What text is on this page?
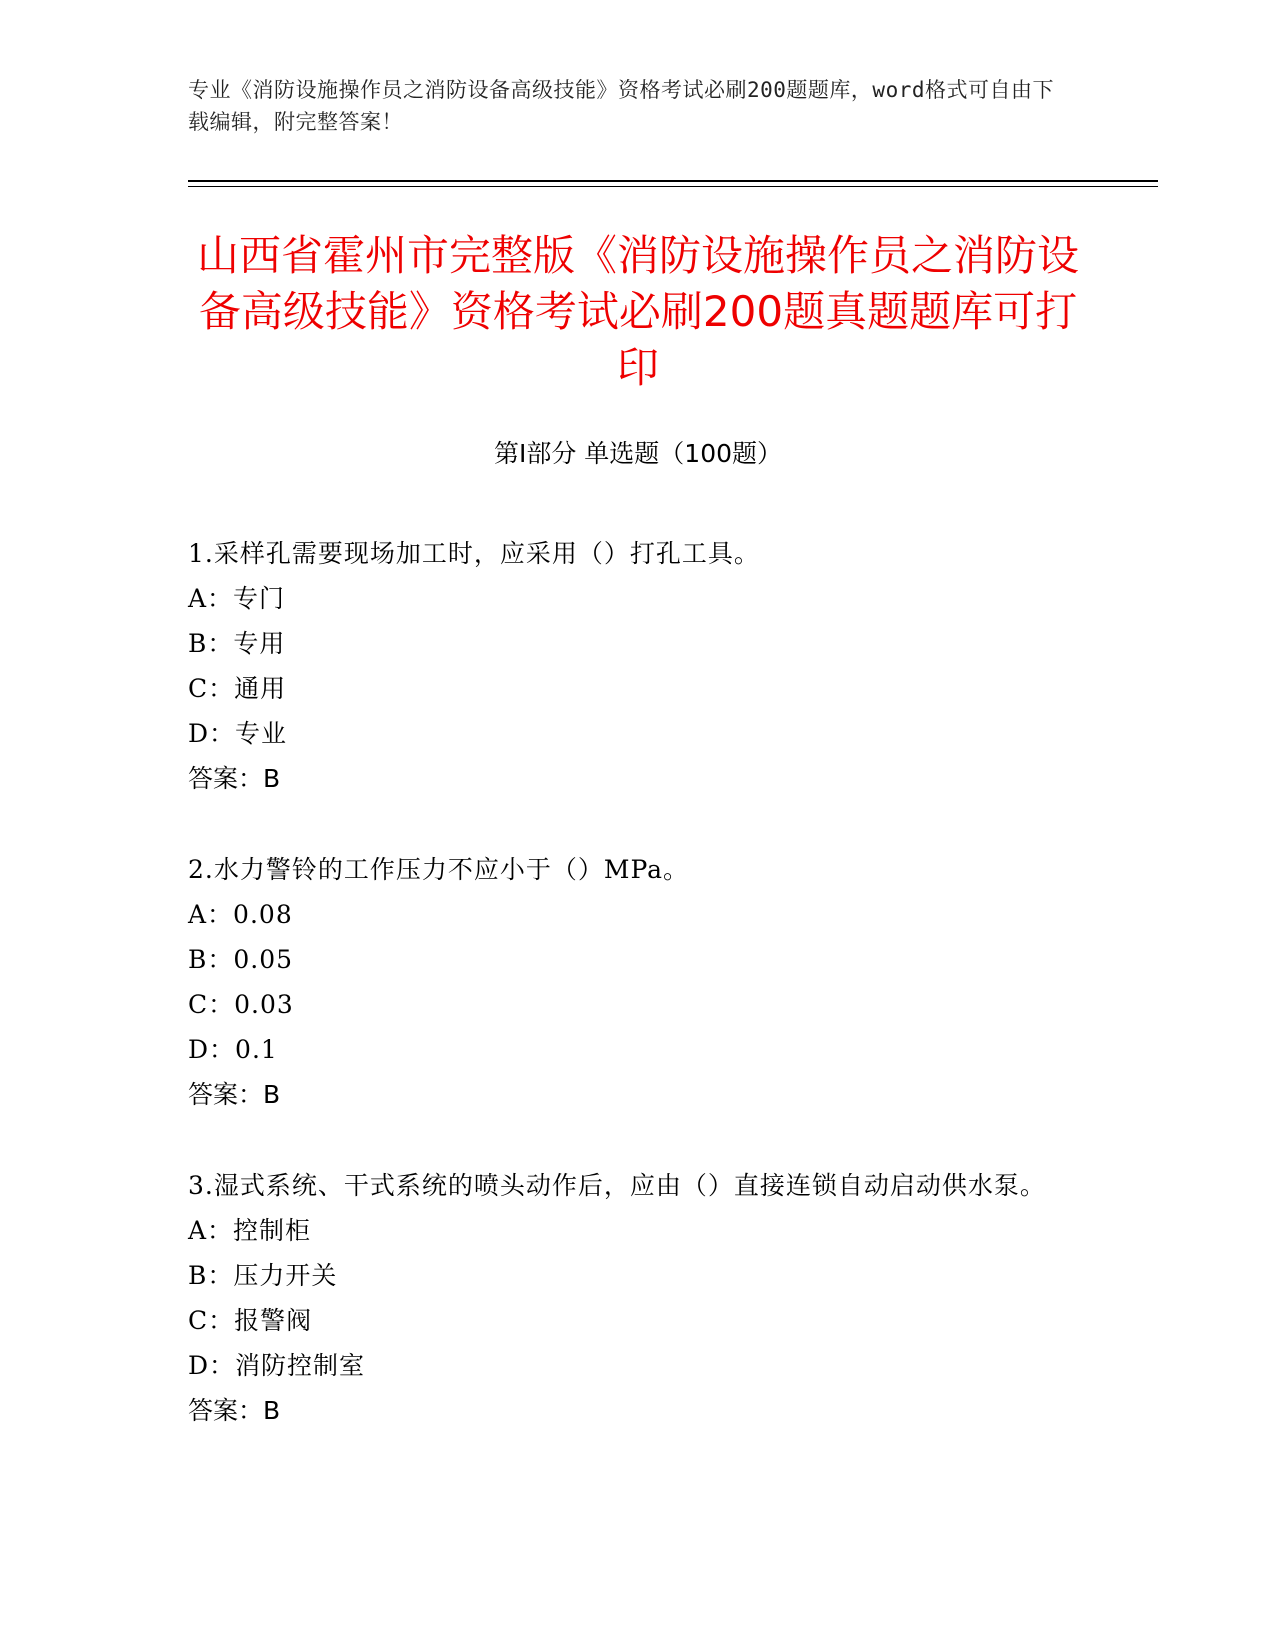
专业《消防设施操作员之消防设备高级技能》资格考试必刷200题题库，word格式可自由下载编辑，附完整答案！
山西省霍州市完整版《消防设施操作员之消防设备高级技能》资格考试必刷200题真题题库可打印
第Ⅰ部分 单选题（100题）

1.采样孔需要现场加工时，应采用（）打孔工具。

A：专门

B：专用

C：通用

D：专业

答案：B

2.水力警铃的工作压力不应小于（）MPa。

A：0.08

B：0.05

C：0.03

D：0.1

答案：B

3.湿式系统、干式系统的喷头动作后，应由（）直接连锁自动启动供水泵。

A：控制柜

B：压力开关

C：报警阀

D：消防控制室

答案：B
